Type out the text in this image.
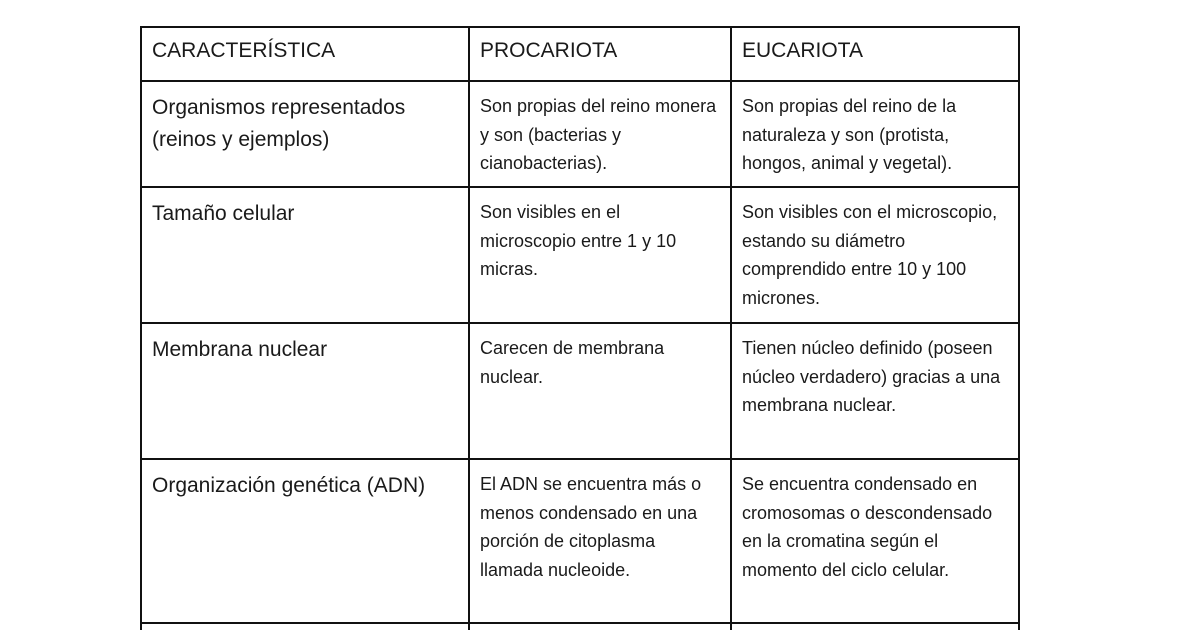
CARACTERÍSTICA	PROCARIOTA	EUCARIOTA
Organismos representados (reinos y ejemplos)	Son propias del reino monera y son (bacterias y cianobacterias).	Son propias del reino de la naturaleza y son (protista, hongos, animal y vegetal).
Tamaño celular	Son visibles en el microscopio entre 1 y 10 micras.	Son visibles con el microscopio, estando su diámetro comprendido entre 10 y 100 micrones.
Membrana nuclear	Carecen de membrana nuclear.	Tienen núcleo definido (poseen núcleo verdadero) gracias a una membrana nuclear.
Organización genética (ADN)	El ADN se encuentra más o menos condensado en una porción de citoplasma llamada nucleoide.	Se encuentra condensado en cromosomas o descondensado en la cromatina según el momento del ciclo celular.
